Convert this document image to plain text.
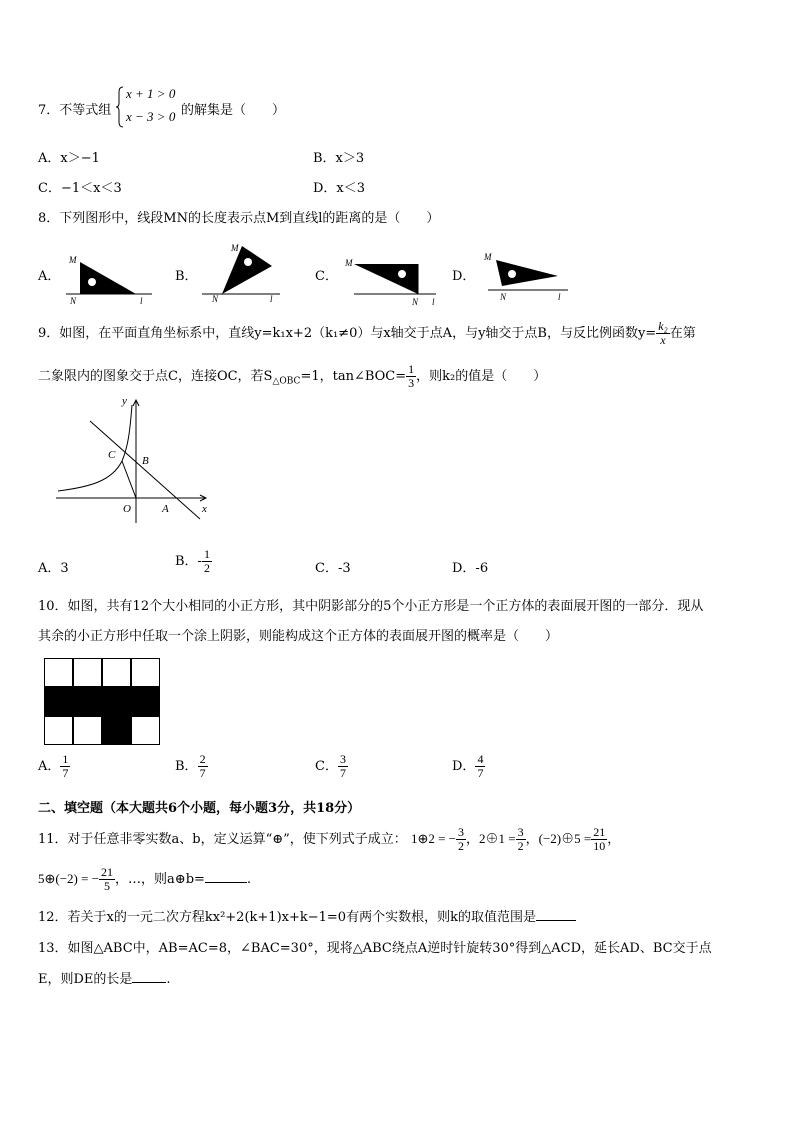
7．不等式组
x + 1 > 0
x − 3 > 0 的解集是（　　）
A．x＞−1	B．x＞3
C．−1＜x＜3	D．x＜3
8．下列图形中，线段MN的长度表示点M到直线l的距离的是（　　）
A．
M
N	l
B．
M
N	l
C．
M
N l
D．
M
N	l
9．如图，在平面直角坐标系中，直线y=k₁x+2（k₁≠0）与x轴交于点A，与y轴交于点B，与反比例函数$y= \frac{\text{k₂}}{x}$ 在第
二象限内的图象交于点C，连接OC，若$S_{\triangle OBC}=1$，tan∠BOC= $\frac{1}{3}$ ，则k₂的值是（　　）
y
x
C B
O	A
A．3	B．- $\frac{1}{2}$	C．-3	D．-6
10．如图，共有12个大小相同的小正方形，其中阴影部分的5个小正方形是一个正方体的表面展开图的一部分．现从
其余的小正方形中任取一个涂上阴影，则能构成这个正方体的表面展开图的概率是（　　）
A． $\frac{1}{7}$	B． $\frac{2}{7}$	C． $\frac{3}{7}$	D． $\frac{4}{7}$
二、填空题（本大题共6个小题，每小题3分，共18分）
11．对于任意非零实数a、b，定义运算“⊕”，使下列式子成立： 1⊕2 = − $\frac{3}{2}$ ，2⊕1 = $\frac{3}{2}$ ，(−2)⊕5 = $\frac{21}{10}$ ，
5⊕(−2) = − $\frac{21}{5}$ ，…，则a⊕b=	.
12．若关于x的一元二次方程kx²+2(k+1)x+k−1=0有两个实数根，则k的取值范围是
13．如图△ABC中，AB=AC=8，∠BAC=30°，现将△ABC绕点A逆时针旋转30°得到△ACD，延长AD、BC交于点
E，则DE的长是	.
